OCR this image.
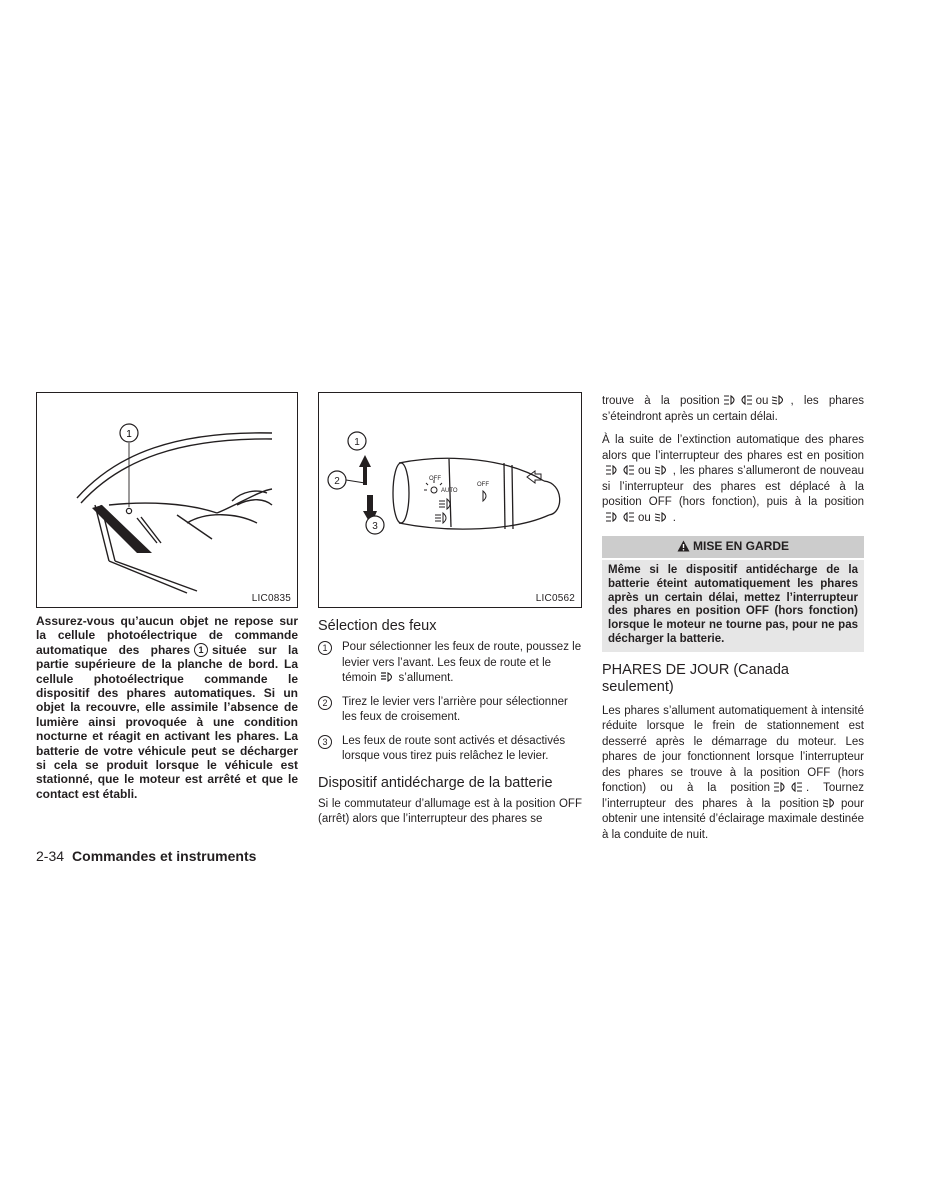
1
LIC0835

Assurez-vous qu’aucun objet ne repose sur la cellule photoélectrique de commande automatique des phares 1 située sur la partie supérieure de la planche de bord. La cellule photoélectrique commande le dispositif des phares automatiques. Si un objet la recouvre, elle assimile l’absence de lumière ainsi provoquée à une condition nocturne et réagit en activant les phares. La batterie de votre véhicule peut se décharger si cela se produit lorsque le véhicule est stationné, que le moteur est arrêté et que le contact est établi.

OFF
AUTO
OFF
1
2
3
LIC0562
Sélection des feux
1	Pour sélectionner les feux de route, poussez le levier vers l’avant. Les feux de route et le témoin s’allument.
2	Tirez le levier vers l’arrière pour sélectionner les feux de croisement.
3	Les feux de route sont activés et désactivés lorsque vous tirez puis relâchez le levier.
Dispositif antidécharge de la batterie

Si le commutateur d’allumage est à la position OFF (arrêt) alors que l’interrupteur des phares se

trouve à la position	ou , les phares s’éteindront après un certain délai.

À la suite de l’extinction automatique des phares alors que l’interrupteur des phares est en position
ou , les phares s’allumeront de nouveau si l’interrupteur des phares est déplacé à la position OFF (hors fonction), puis à la position
ou .

MISE EN GARDE
Même si le dispositif antidécharge de la batterie éteint automatiquement les phares après un certain délai, mettez l’interrupteur des phares en position OFF (hors fonction) lorsque le moteur ne tourne pas, pour ne pas décharger la batterie.
PHARES DE JOUR (Canada seulement)

Les phares s’allument automatiquement à intensité réduite lorsque le frein de stationnement est desserré après le démarrage du moteur. Les phares de jour fonctionnent lorsque l’interrupteur des phares se trouve à la position OFF (hors fonction) ou à la position	. Tournez l’interrupteur des phares à la position pour obtenir une intensité d’éclairage maximale destinée à la conduite de nuit.

2-34 Commandes et instruments
